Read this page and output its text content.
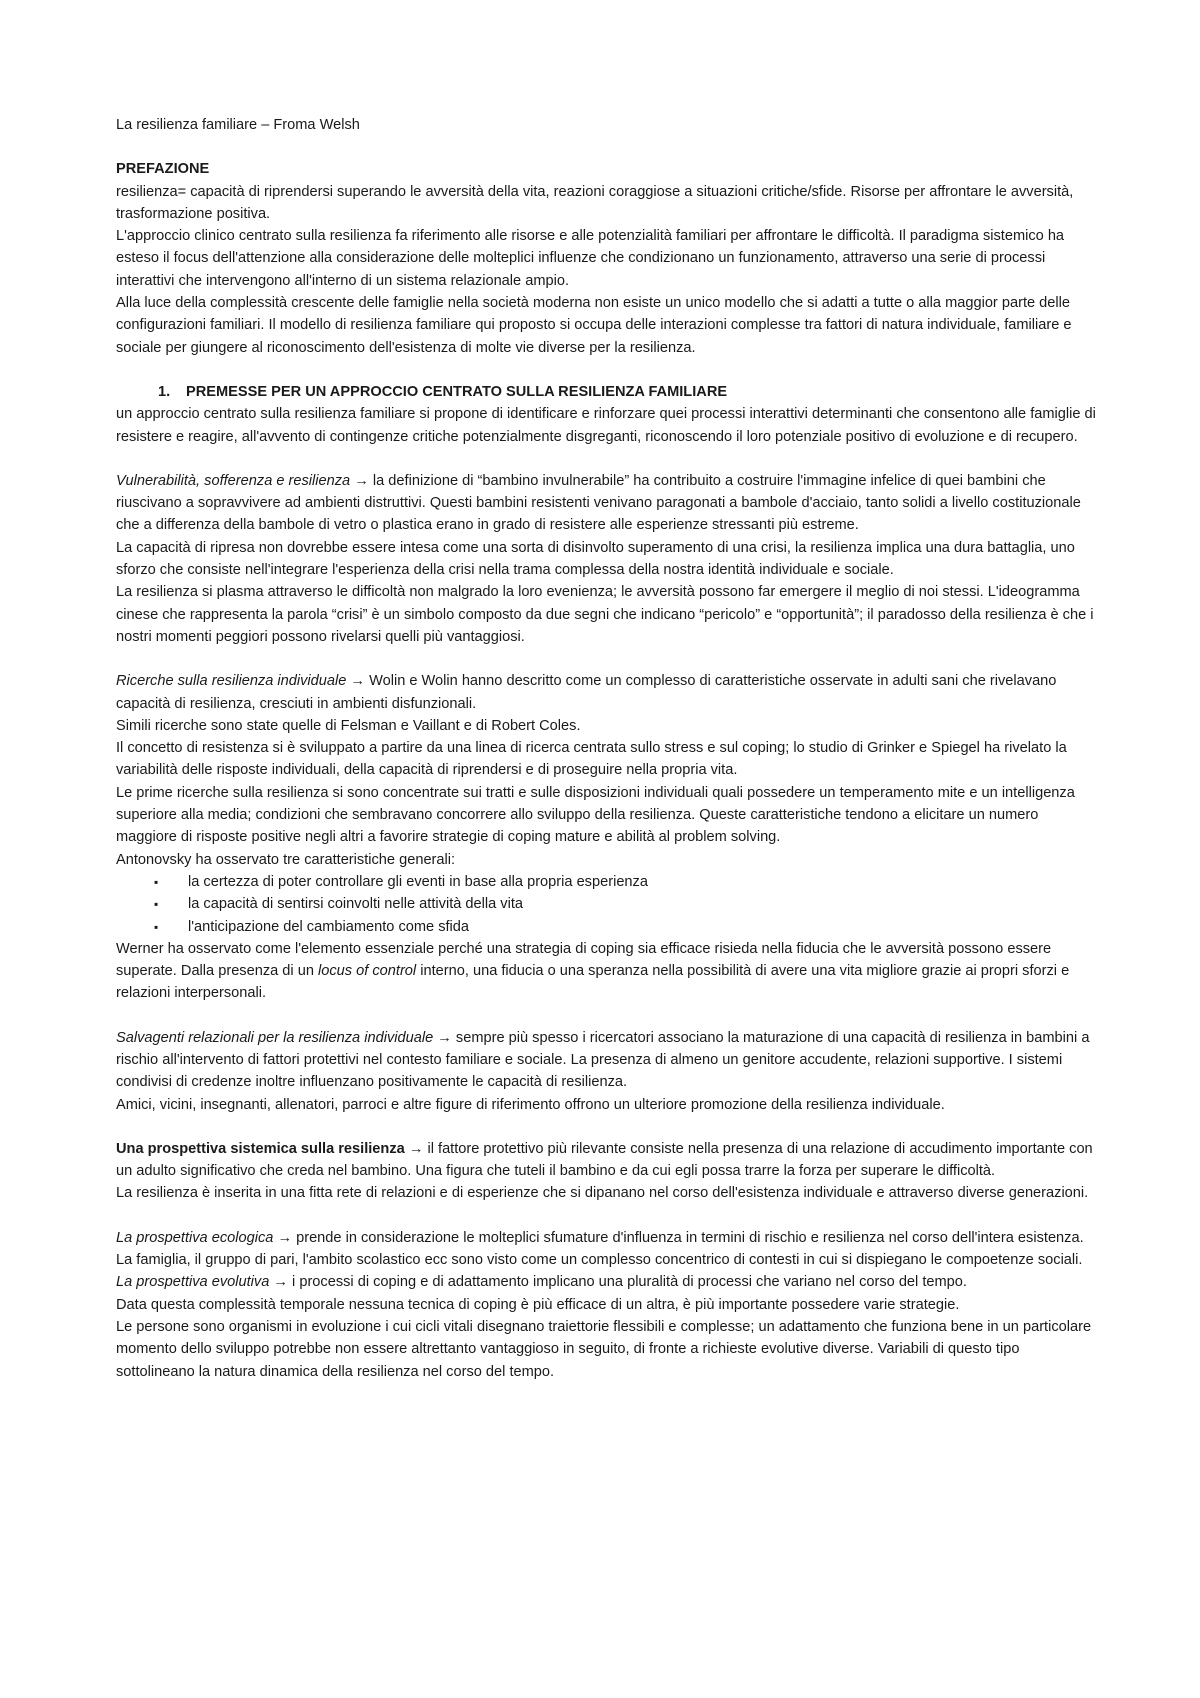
La resilienza familiare – Froma Welsh

PREFAZIONE

resilienza= capacità di riprendersi superando le avversità della vita, reazioni coraggiose a situazioni critiche/sfide. Risorse per affrontare le avversità, trasformazione positiva.

L'approccio clinico centrato sulla resilienza fa riferimento alle risorse e alle potenzialità familiari per affrontare le difficoltà. Il paradigma sistemico ha esteso il focus dell'attenzione alla considerazione delle molteplici influenze che condizionano un funzionamento, attraverso una serie di processi interattivi che intervengono all'interno di un sistema relazionale ampio.

Alla luce della complessità crescente delle famiglie nella società moderna non esiste un unico modello che si adatti a tutte o alla maggior parte delle configurazioni familiari. Il modello di resilienza familiare qui proposto si occupa delle interazioni complesse tra fattori di natura individuale, familiare e sociale per giungere al riconoscimento dell'esistenza di molte vie diverse per la resilienza.

1.	PREMESSE PER UN APPROCCIO CENTRATO SULLA RESILIENZA FAMILIARE

un approccio centrato sulla resilienza familiare si propone di identificare e rinforzare quei processi interattivi determinanti che consentono alle famiglie di resistere e reagire, all'avvento di contingenze critiche potenzialmente disgreganti, riconoscendo il loro potenziale positivo di evoluzione e di recupero.

Vulnerabilità, sofferenza e resilienza → la definizione di “bambino invulnerabile” ha contribuito a costruire l'immagine infelice di quei bambini che riuscivano a sopravvivere ad ambienti distruttivi. Questi bambini resistenti venivano paragonati a bambole d'acciaio, tanto solidi a livello costituzionale che a differenza della bambole di vetro o plastica erano in grado di resistere alle esperienze stressanti più estreme.

La capacità di ripresa non dovrebbe essere intesa come una sorta di disinvolto superamento di una crisi, la resilienza implica una dura battaglia, uno sforzo che consiste nell'integrare l'esperienza della crisi nella trama complessa della nostra identità individuale e sociale.

La resilienza si plasma attraverso le difficoltà non malgrado la loro evenienza; le avversità possono far emergere il meglio di noi stessi. L'ideogramma cinese che rappresenta la parola “crisi” è un simbolo composto da due segni che indicano “pericolo” e “opportunità”; il paradosso della resilienza è che i nostri momenti peggiori possono rivelarsi quelli più vantaggiosi.

Ricerche sulla resilienza individuale → Wolin e Wolin hanno descritto come un complesso di caratteristiche osservate in adulti sani che rivelavano capacità di resilienza, cresciuti in ambienti disfunzionali.

Simili ricerche sono state quelle di Felsman e Vaillant e di Robert Coles.

Il concetto di resistenza si è sviluppato a partire da una linea di ricerca centrata sullo stress e sul coping; lo studio di Grinker e Spiegel ha rivelato la variabilità delle risposte individuali, della capacità di riprendersi e di proseguire nella propria vita.

Le prime ricerche sulla resilienza si sono concentrate sui tratti e sulle disposizioni individuali quali possedere un temperamento mite e un intelligenza superiore alla media; condizioni che sembravano concorrere allo sviluppo della resilienza. Queste caratteristiche tendono a elicitare un numero maggiore di risposte positive negli altri a favorire strategie di coping mature e abilità al problem solving.

Antonovsky ha osservato tre caratteristiche generali:

▪	la certezza di poter controllare gli eventi in base alla propria esperienza
▪	la capacità di sentirsi coinvolti nelle attività della vita
▪	l'anticipazione del cambiamento come sfida

Werner ha osservato come l'elemento essenziale perché una strategia di coping sia efficace risieda nella fiducia che le avversità possono essere superate. Dalla presenza di un locus of control interno, una fiducia o una speranza nella possibilità di avere una vita migliore grazie ai propri sforzi e relazioni interpersonali.

Salvagenti relazionali per la resilienza individuale → sempre più spesso i ricercatori associano la maturazione di una capacità di resilienza in bambini a rischio all'intervento di fattori protettivi nel contesto familiare e sociale. La presenza di almeno un genitore accudente, relazioni supportive. I sistemi condivisi di credenze inoltre influenzano positivamente le capacità di resilienza.

Amici, vicini, insegnanti, allenatori, parroci e altre figure di riferimento offrono un ulteriore promozione della resilienza individuale.

Una prospettiva sistemica sulla resilienza → il fattore protettivo più rilevante consiste nella presenza di una relazione di accudimento importante con un adulto significativo che creda nel bambino. Una figura che tuteli il bambino e da cui egli possa trarre la forza per superare le difficoltà.

La resilienza è inserita in una fitta rete di relazioni e di esperienze che si dipanano nel corso dell'esistenza individuale e attraverso diverse generazioni.

La prospettiva ecologica → prende in considerazione le molteplici sfumature d'influenza in termini di rischio e resilienza nel corso dell'intera esistenza. La famiglia, il gruppo di pari, l'ambito scolastico ecc sono visto come un complesso concentrico di contesti in cui si dispiegano le compoetenze sociali.

La prospettiva evolutiva → i processi di coping e di adattamento implicano una pluralità di processi che variano nel corso del tempo.

Data questa complessità temporale nessuna tecnica di coping è più efficace di un altra, è più importante possedere varie strategie.

Le persone sono organismi in evoluzione i cui cicli vitali disegnano traiettorie flessibili e complesse; un adattamento che funziona bene in un particolare momento dello sviluppo potrebbe non essere altrettanto vantaggioso in seguito, di fronte a richieste evolutive diverse. Variabili di questo tipo sottolineano la natura dinamica della resilienza nel corso del tempo.
